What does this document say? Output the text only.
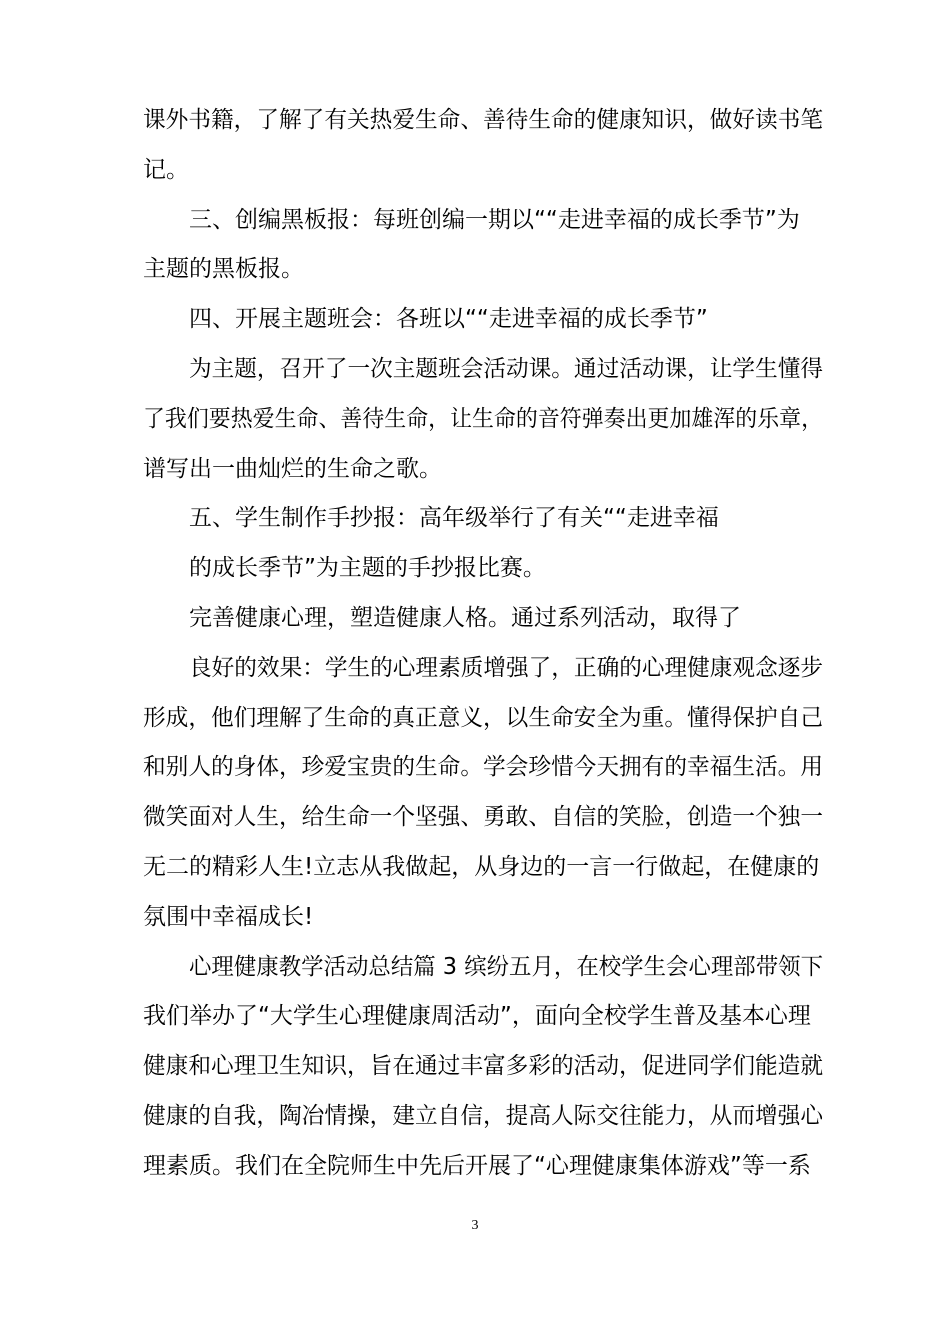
课外书籍，了解了有关热爱生命、善待生命的健康知识，做好读书笔
记。
三、创编黑板报：每班创编一期以““走进幸福的成长季节”为
主题的黑板报。
四、开展主题班会：各班以““走进幸福的成长季节”
为主题，召开了一次主题班会活动课。通过活动课，让学生懂得
了我们要热爱生命、善待生命，让生命的音符弹奏出更加雄浑的乐章，
谱写出一曲灿烂的生命之歌。
五、学生制作手抄报：高年级举行了有关““走进幸福
的成长季节”为主题的手抄报比赛。
完善健康心理，塑造健康人格。通过系列活动，取得了
良好的效果：学生的心理素质增强了，正确的心理健康观念逐步
形成，他们理解了生命的真正意义，以生命安全为重。懂得保护自己
和别人的身体，珍爱宝贵的生命。学会珍惜今天拥有的幸福生活。用
微笑面对人生，给生命一个坚强、勇敢、自信的笑脸，创造一个独一
无二的精彩人生!立志从我做起，从身边的一言一行做起，在健康的
氛围中幸福成长!
心理健康教学活动总结篇 3 缤纷五月，在校学生会心理部带领下
我们举办了“大学生心理健康周活动”，面向全校学生普及基本心理
健康和心理卫生知识，旨在通过丰富多彩的活动，促进同学们能造就
健康的自我，陶冶情操，建立自信，提高人际交往能力，从而增强心
理素质。我们在全院师生中先后开展了“心理健康集体游戏”等一系
3
